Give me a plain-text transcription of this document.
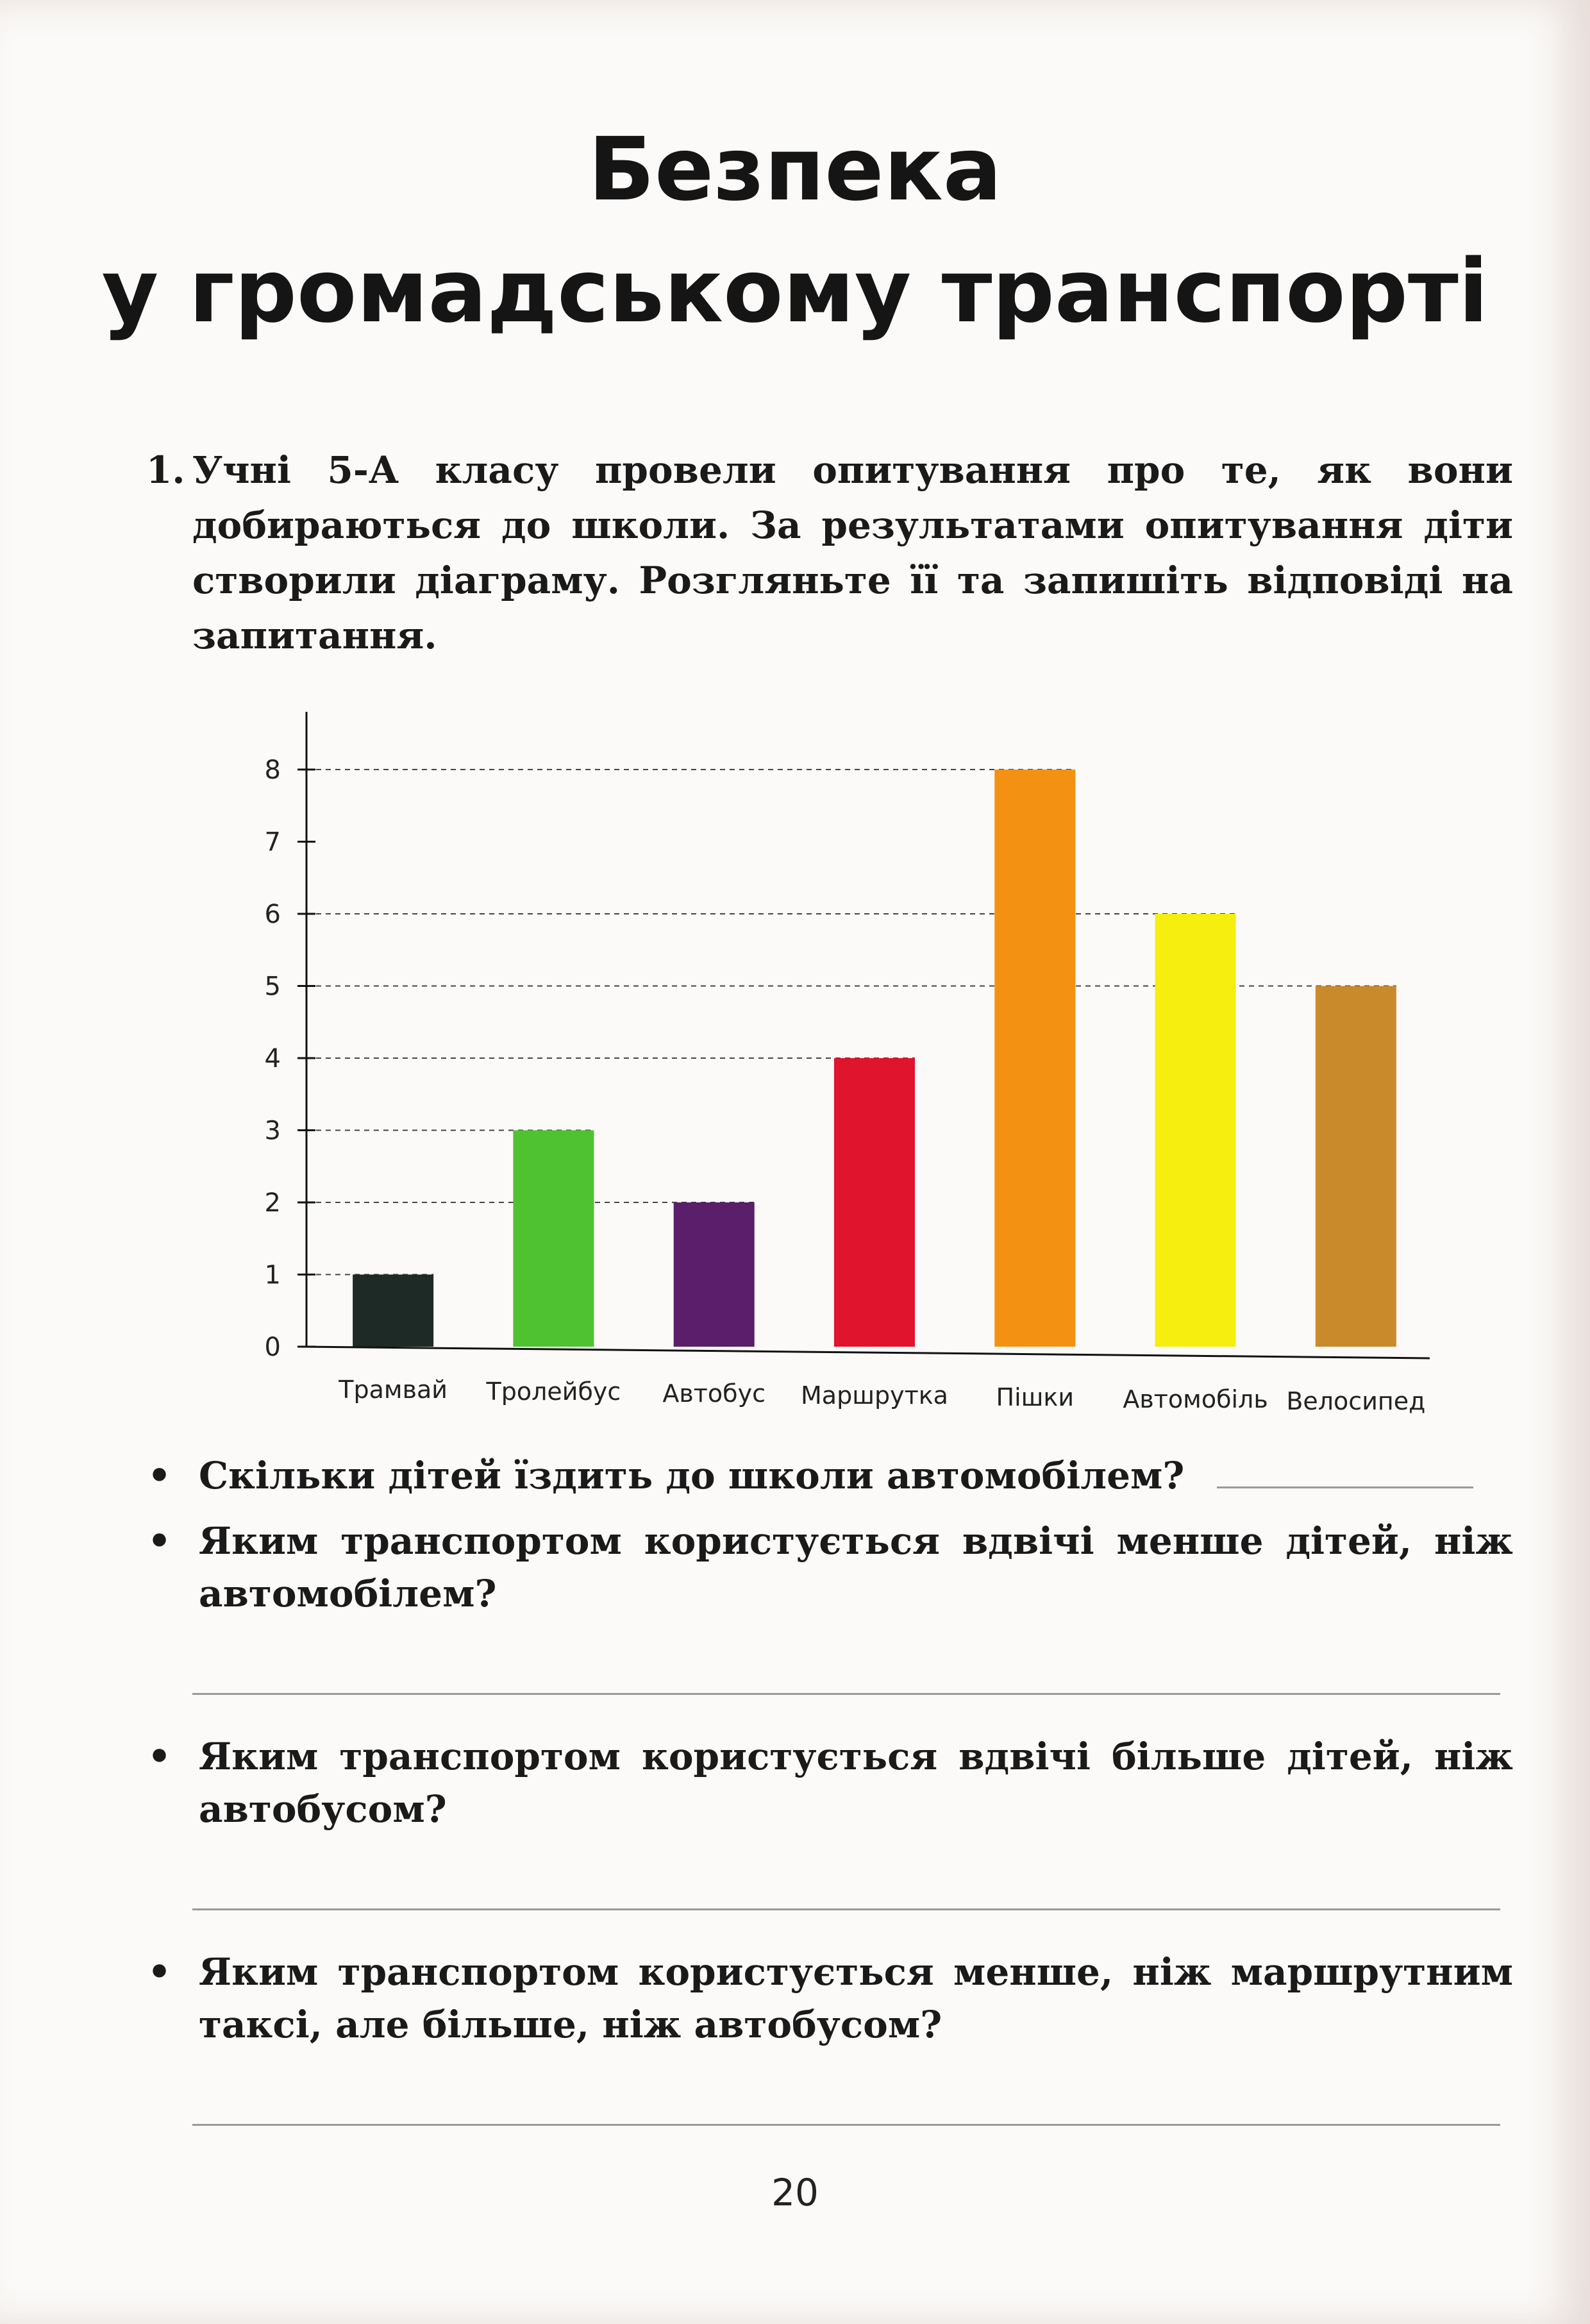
Безпека
у громадському транспорті
1. Учні 5-А класу провели опитування про те, як вони добираються до школи. За результатами опитування діти створили діаграму. Розгляньте її та запишіть відповіді на запитання.
0
1
2
3
4
5
6
7
8
Трамвай Тролейбус Автобус Маршрутка Пішки Автомобіль Велосипед
• Скільки дітей їздить до школи автомобілем?
• Яким транспортом користується вдвічі менше дітей, ніж автомобілем?
• Яким транспортом користується вдвічі більше дітей, ніж автобусом?
• Яким транспортом користується менше, ніж маршрутним таксі, але більше, ніж автобусом?
20
